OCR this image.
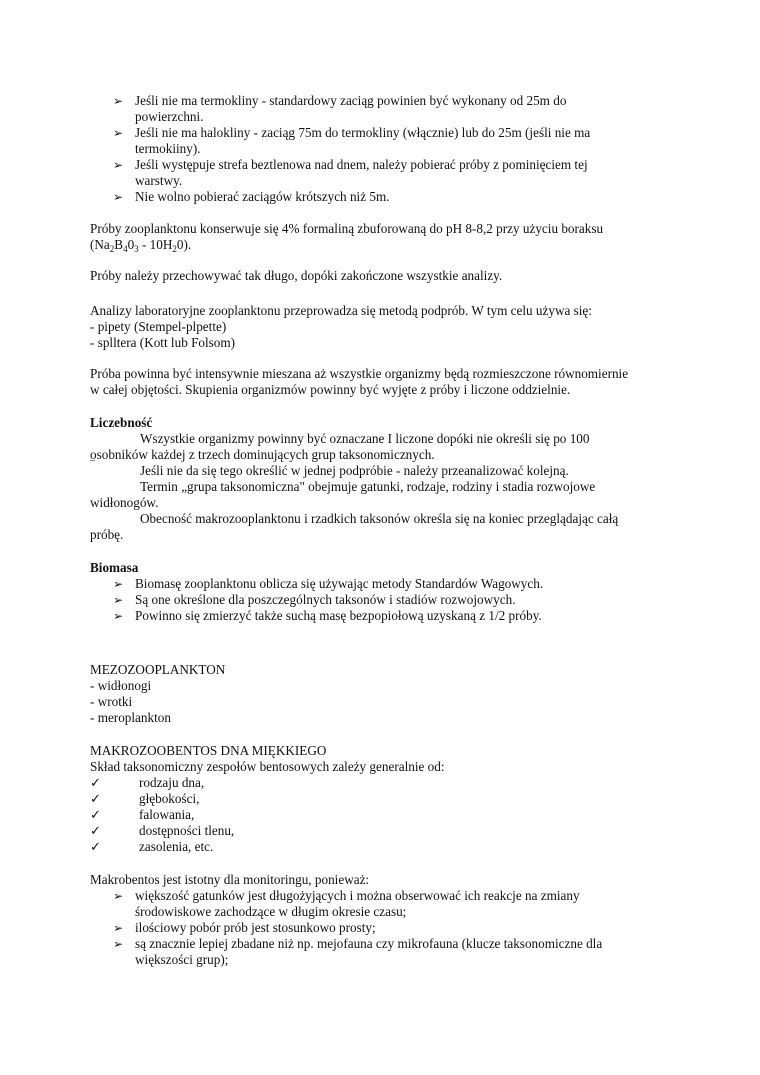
➢ Jeśli nie ma termokliny - standardowy zaciąg powinien być wykonany od 25m do
powierzchni.
➢ Jeśli nie ma halokliny - zaciąg 75m do termokliny (włącznie) lub do 25m (jeśli nie ma
termokiiny).
➢ Jeśli występuje strefa beztlenowa nad dnem, należy pobierać próby z pominięciem tej
warstwy.
➢ Nie wolno pobierać zaciągów krótszych niż 5m.
Próby zooplanktonu konserwuje się 4% formaliną zbuforowaną do pH 8-8,2 przy użyciu boraksu
$(Na_2B_40_3 - 10H_20)$.
Próby należy przechowywać tak długo, dopóki zakończone wszystkie analizy.
Analizy laboratoryjne zooplanktonu przeprowadza się metodą podprób. W tym celu używa się:
- pipety (Stempel-plpette)
- splltera (Kott lub Folsom)
Próba powinna być intensywnie mieszana aż wszystkie organizmy będą rozmieszczone równomiernie
w całej objętości. Skupienia organizmów powinny być wyjęte z próby i liczone oddzielnie.
Liczebność
Wszystkie organizmy powinny być oznaczane I liczone dopóki nie określi się po 100
osobników każdej z trzech dominujących grup taksonomicznych.
Jeśli nie da się tego określić w jednej podpróbie - należy przeanalizować kolejną.
Termin „grupa taksonomiczna" obejmuje gatunki, rodzaje, rodziny i stadia rozwojowe
widłonogów.
Obecność makrozooplanktonu i rzadkich taksonów określa się na koniec przeglądając całą
próbę.
¯
Biomasa
➢ Biomasę zooplanktonu oblicza się używając metody Standardów Wagowych.
➢ Są one określone dla poszczególnych taksonów i stadiów rozwojowych.
➢ Powinno się zmierzyć także suchą masę bezpopiołową uzyskaną z 1/2 próby.
MEZOZOOPLANKTON
- widłonogi
- wrotki
- meroplankton
MAKROZOOBENTOS DNA MIĘKKIEGO
Skład taksonomiczny zespołów bentosowych zależy generalnie od:
✓	rodzaju dna,
✓	głębokości,
✓	falowania,
✓	dostępności tlenu,
✓	zasolenia, etc.
Makrobentos jest istotny dla monitoringu, ponieważ:
➢ większość gatunków jest długożyjących i można obserwować ich reakcje na zmiany
środowiskowe zachodzące w długim okresie czasu;
➢ ilościowy pobór prób jest stosunkowo prosty;
➢ są znacznie lepiej zbadane niż np. mejofauna czy mikrofauna (klucze taksonomiczne dla
większości grup);
